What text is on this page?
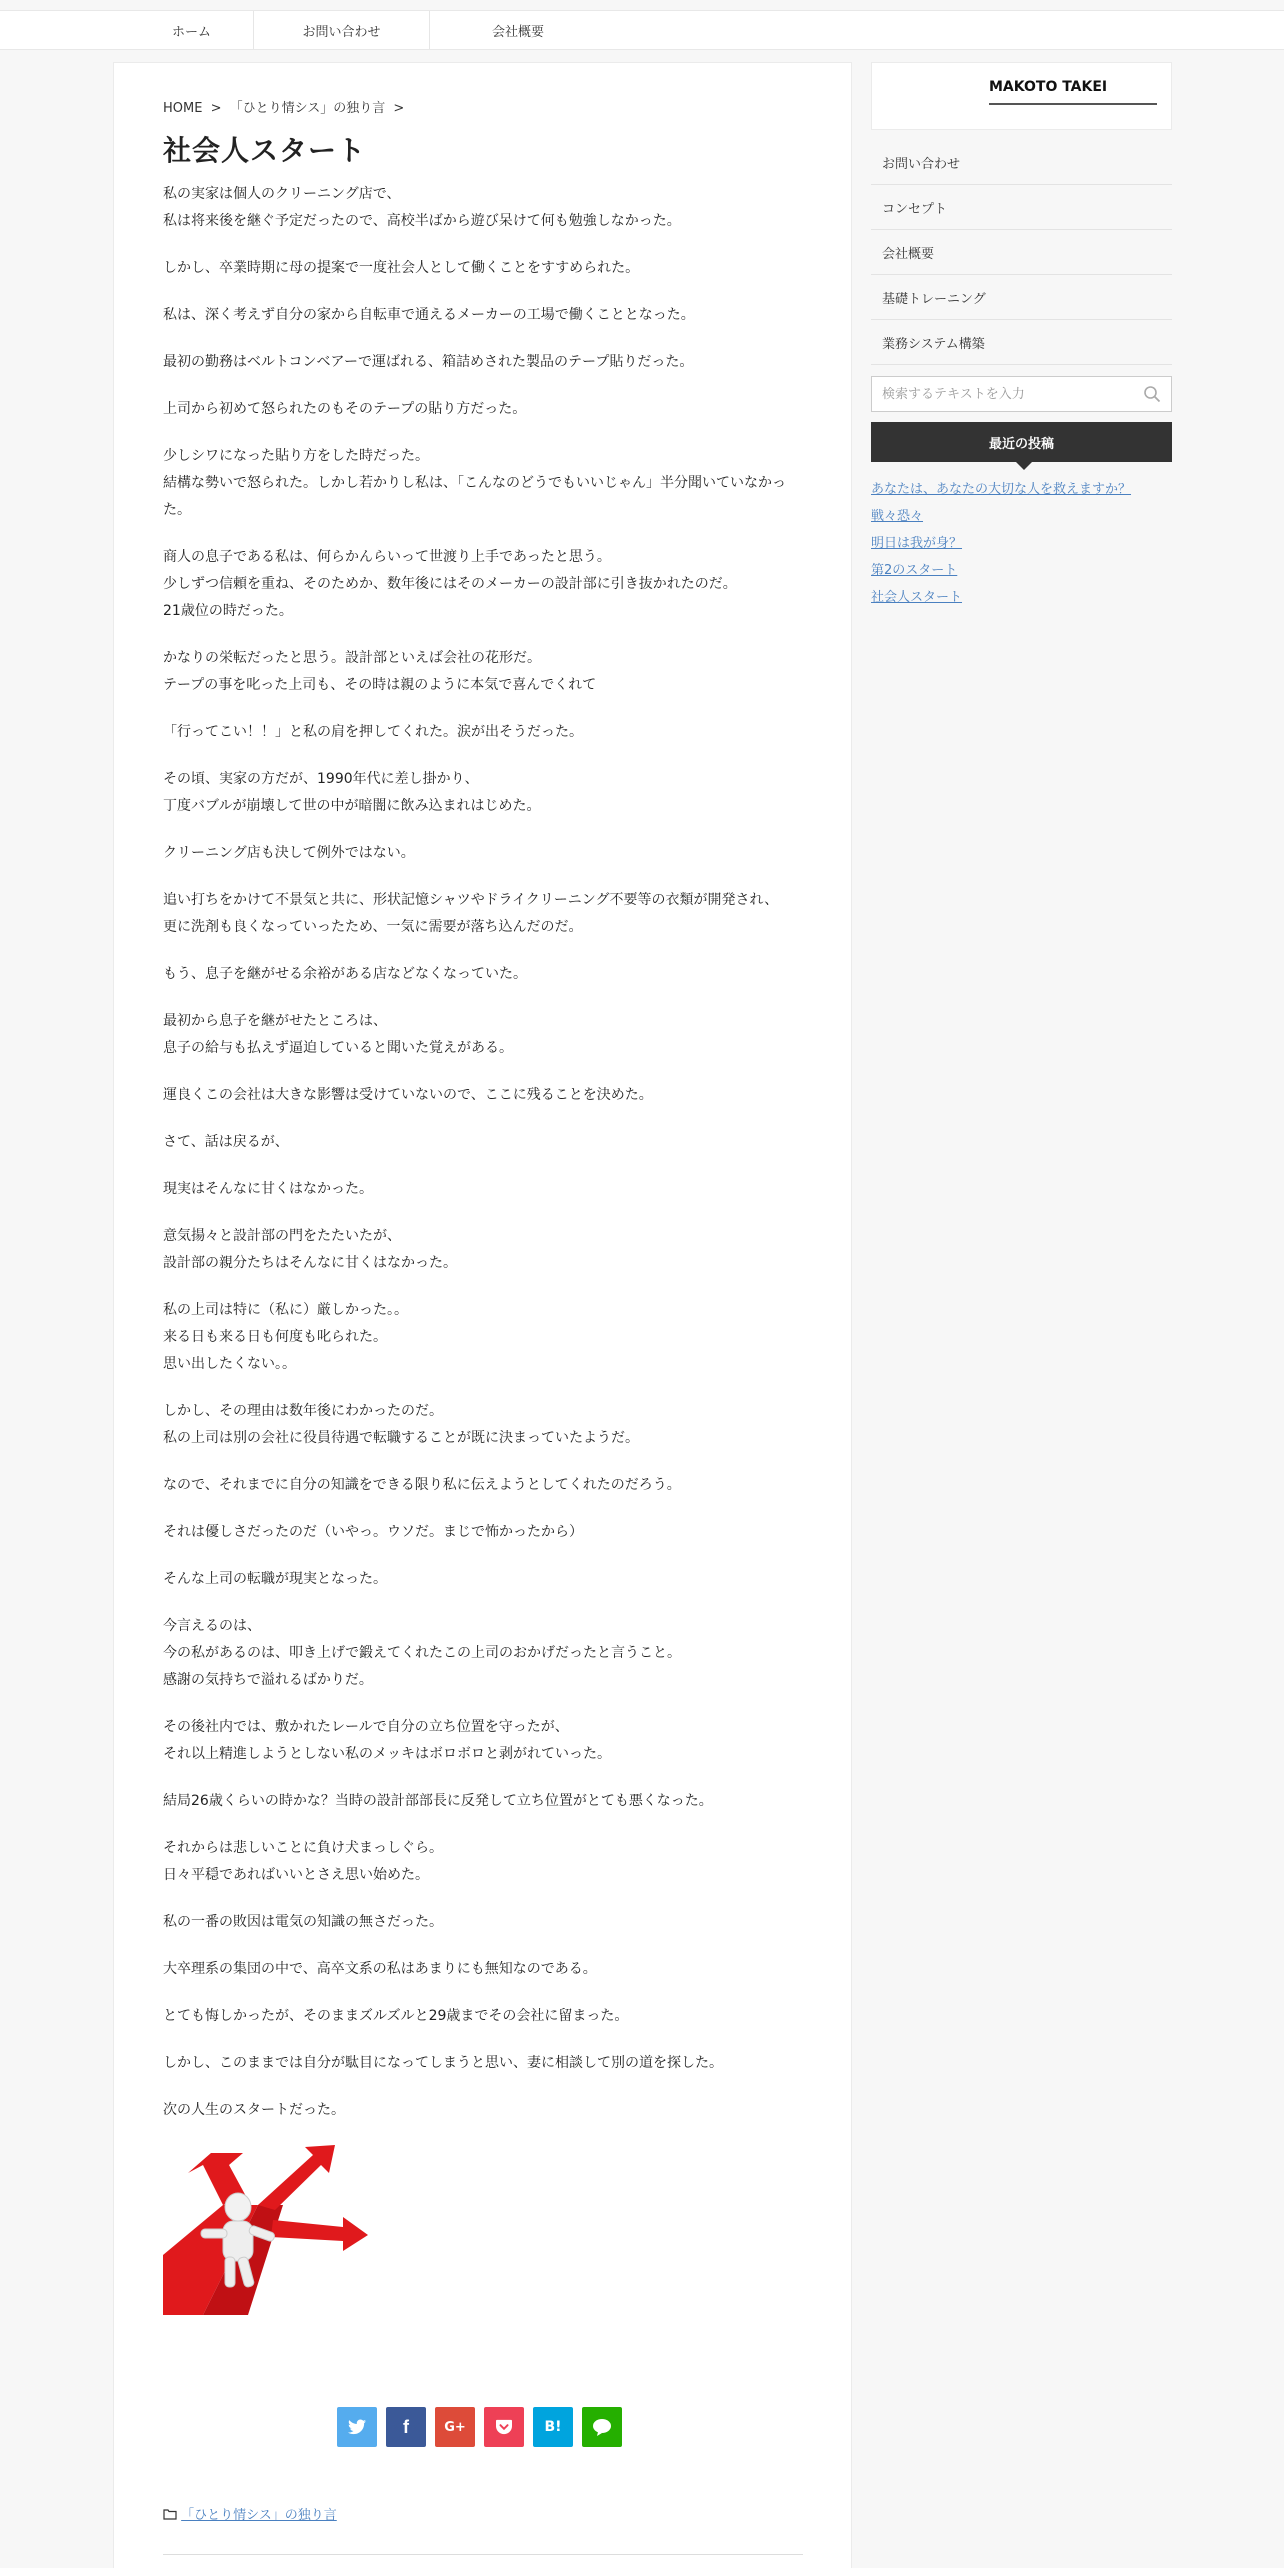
ホーム	お問い合わせ	会社概要
HOME > 「ひとり情シス」の独り言 >
社会人スタート

私の実家は個人のクリーニング店で、
私は将来後を継ぐ予定だったので、高校半ばから遊び呆けて何も勉強しなかった。

しかし、卒業時期に母の提案で一度社会人として働くことをすすめられた。

私は、深く考えず自分の家から自転車で通えるメーカーの工場で働くこととなった。

最初の勤務はベルトコンベアーで運ばれる、箱詰めされた製品のテープ貼りだった。

上司から初めて怒られたのもそのテープの貼り方だった。

少しシワになった貼り方をした時だった。
結構な勢いで怒られた。しかし若かりし私は、「こんなのどうでもいいじゃん」半分聞いていなかった。

商人の息子である私は、何らかんらいって世渡り上手であったと思う。
少しずつ信頼を重ね、そのためか、数年後にはそのメーカーの設計部に引き抜かれたのだ。
21歳位の時だった。

かなりの栄転だったと思う。設計部といえば会社の花形だ。
テープの事を叱った上司も、その時は親のように本気で喜んでくれて

「行ってこい！！」と私の肩を押してくれた。涙が出そうだった。

その頃、実家の方だが、1990年代に差し掛かり、
丁度バブルが崩壊して世の中が暗闇に飲み込まれはじめた。

クリーニング店も決して例外ではない。

追い打ちをかけて不景気と共に、形状記憶シャツやドライクリーニング不要等の衣類が開発され、
更に洗剤も良くなっていったため、一気に需要が落ち込んだのだ。

もう、息子を継がせる余裕がある店などなくなっていた。

最初から息子を継がせたところは、
息子の給与も払えず逼迫していると聞いた覚えがある。

運良くこの会社は大きな影響は受けていないので、ここに残ることを決めた。

さて、話は戻るが、

現実はそんなに甘くはなかった。

意気揚々と設計部の門をたたいたが、
設計部の親分たちはそんなに甘くはなかった。

私の上司は特に（私に）厳しかった。。
来る日も来る日も何度も叱られた。
思い出したくない。。

しかし、その理由は数年後にわかったのだ。
私の上司は別の会社に役員待遇で転職することが既に決まっていたようだ。

なので、それまでに自分の知識をできる限り私に伝えようとしてくれたのだろう。

それは優しさだったのだ（いやっ。ウソだ。まじで怖かったから）

そんな上司の転職が現実となった。

今言えるのは、
今の私があるのは、叩き上げで鍛えてくれたこの上司のおかげだったと言うこと。
感謝の気持ちで溢れるばかりだ。

その後社内では、敷かれたレールで自分の立ち位置を守ったが、
それ以上精進しようとしない私のメッキはボロボロと剥がれていった。

結局26歳くらいの時かな？当時の設計部部長に反発して立ち位置がとても悪くなった。

それからは悲しいことに負け犬まっしぐら。
日々平穏であればいいとさえ思い始めた。

私の一番の敗因は電気の知識の無さだった。

大卒理系の集団の中で、高卒文系の私はあまりにも無知なのである。

とても悔しかったが、そのままズルズルと29歳までその会社に留まった。

しかし、このままでは自分が駄目になってしまうと思い、妻に相談して別の道を探した。

次の人生のスタートだった。

f	G+	B!
「ひとり情シス」の独り言
MAKOTO TAKEI
お問い合わせ
コンセプト
会社概要
基礎トレーニング
業務システム構築
検索するテキストを入力
最近の投稿
あなたは、あなたの大切な人を救えますか？
戦々恐々
明日は我が身？
第2のスタート
社会人スタート
